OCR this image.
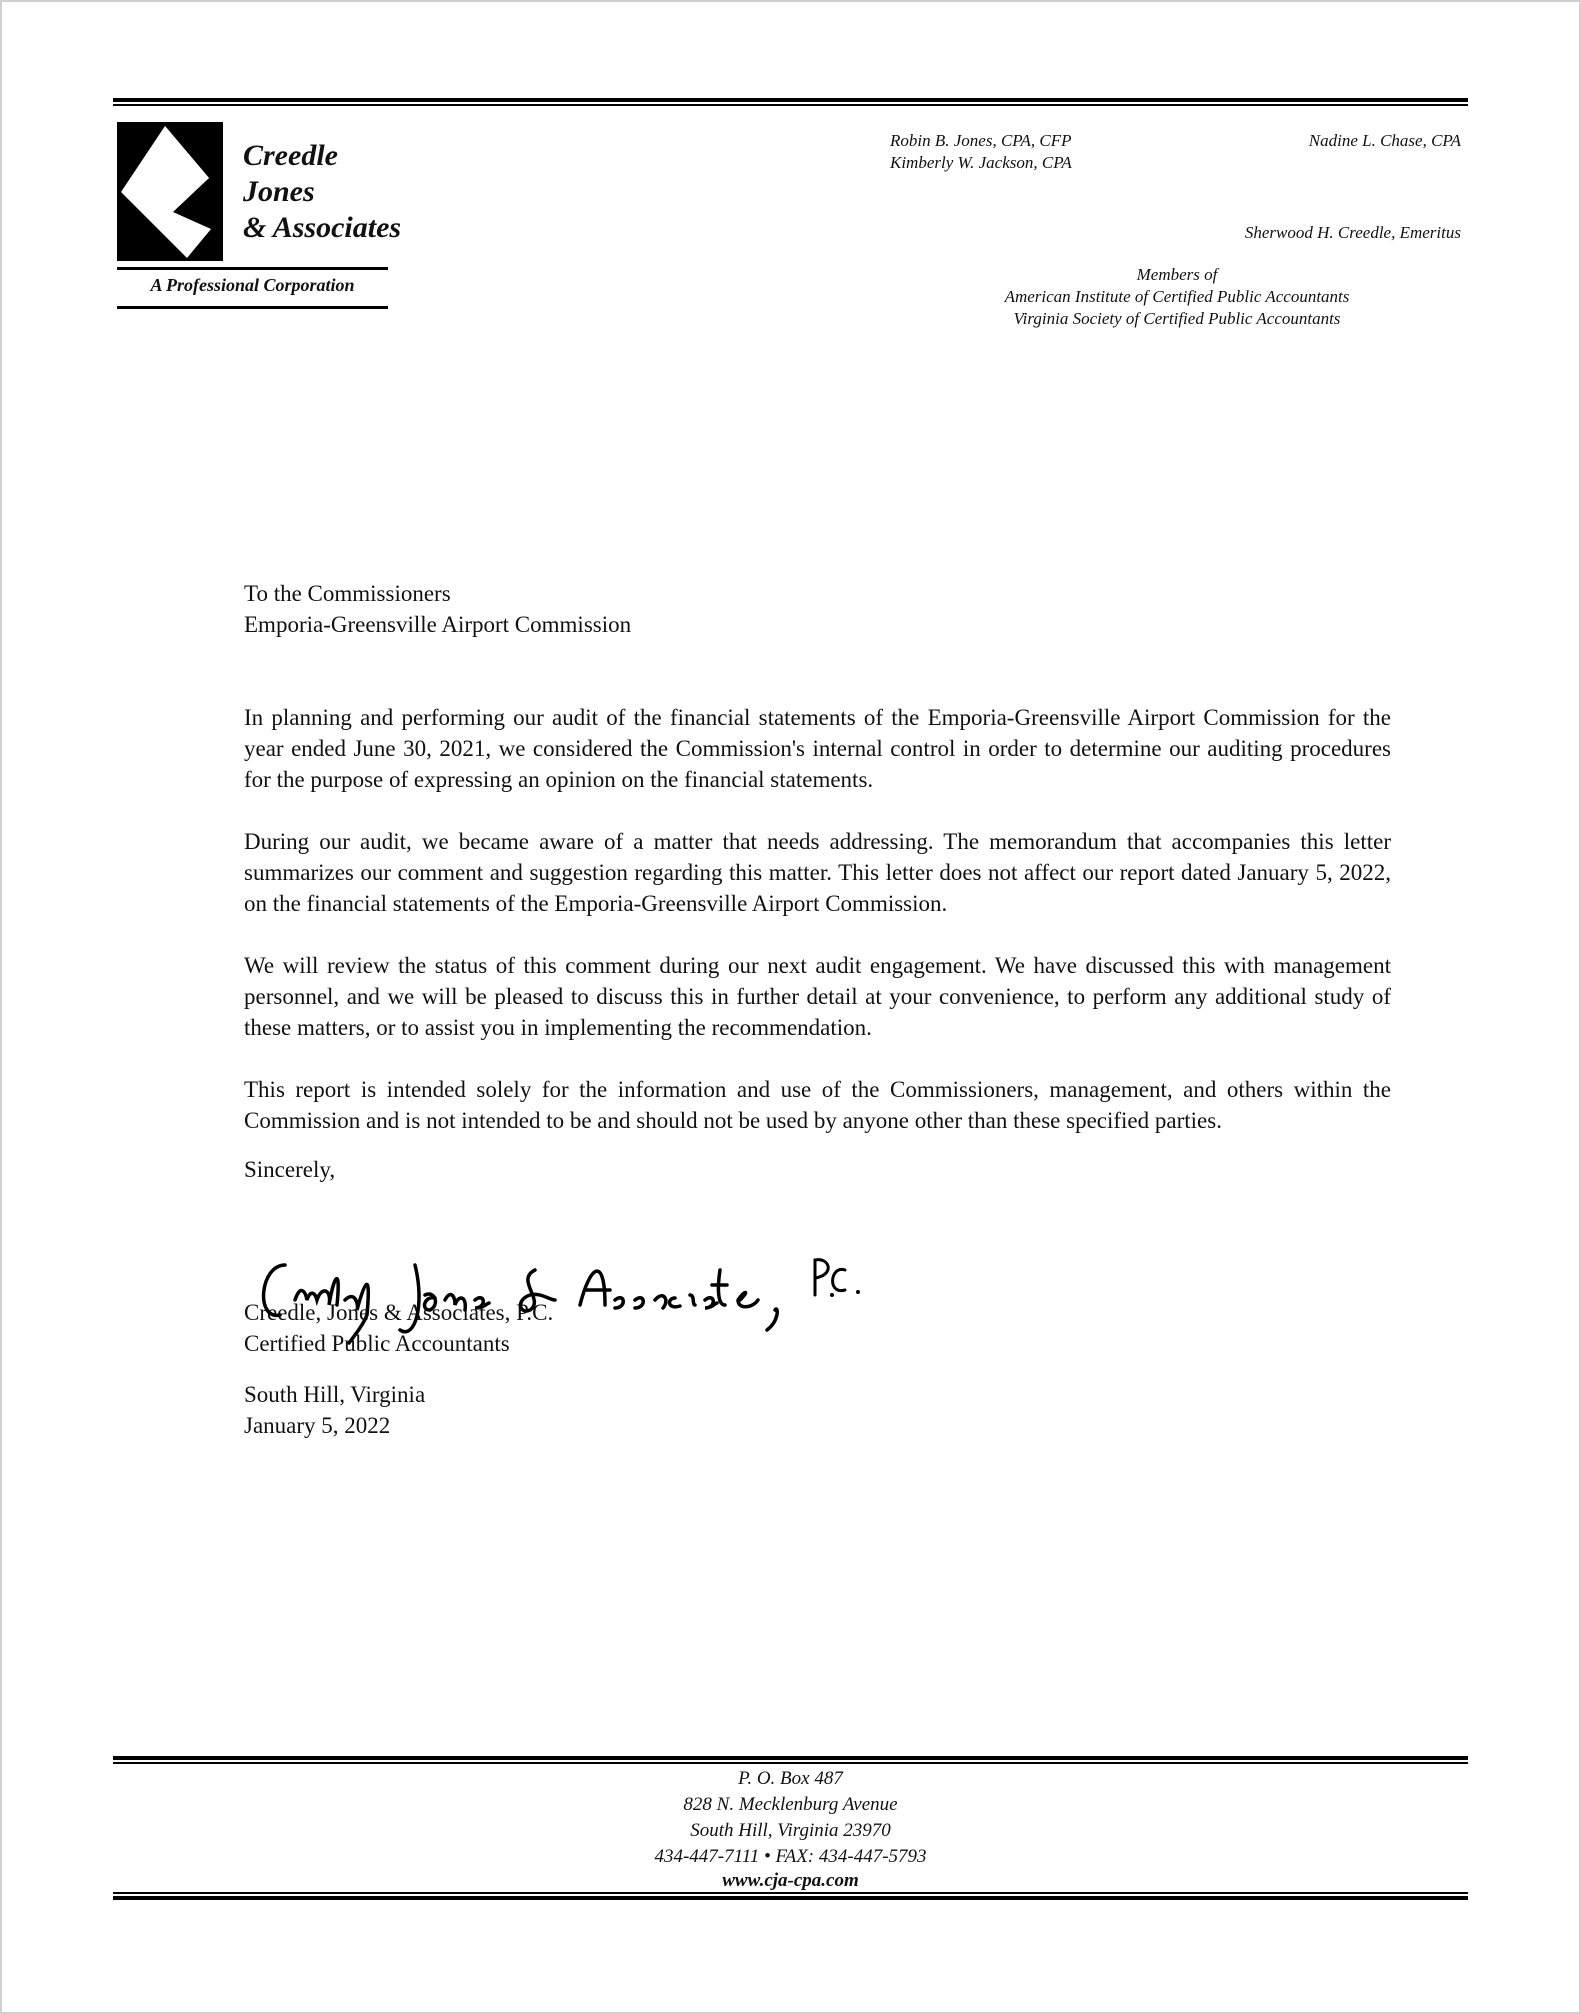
Creedle
Jones
& Associates
A Professional Corporation
Robin B. Jones, CPA, CFP
Kimberly W. Jackson, CPA
Nadine L. Chase, CPA
Sherwood H. Creedle, Emeritus
Members of
American Institute of Certified Public Accountants
Virginia Society of Certified Public Accountants
To the Commissioners
Emporia-Greensville Airport Commission

In planning and performing our audit of the financial statements of the Emporia-Greensville Airport Commission for the year ended June 30, 2021, we considered the Commission's internal control in order to determine our auditing procedures for the purpose of expressing an opinion on the financial statements.

During our audit, we became aware of a matter that needs addressing. The memorandum that accompanies this letter summarizes our comment and suggestion regarding this matter. This letter does not affect our report dated January 5, 2022, on the financial statements of the Emporia-Greensville Airport Commission.

We will review the status of this comment during our next audit engagement. We have discussed this with management personnel, and we will be pleased to discuss this in further detail at your convenience, to perform any additional study of these matters, or to assist you in implementing the recommendation.

This report is intended solely for the information and use of the Commissioners, management, and others within the Commission and is not intended to be and should not be used by anyone other than these specified parties.

Sincerely,
Creedle, Jones & Associates, P.C.
Certified Public Accountants
South Hill, Virginia
January 5, 2022
P. O. Box 487
828 N. Mecklenburg Avenue
South Hill, Virginia 23970
434-447-7111 • FAX: 434-447-5793
www.cja-cpa.com
